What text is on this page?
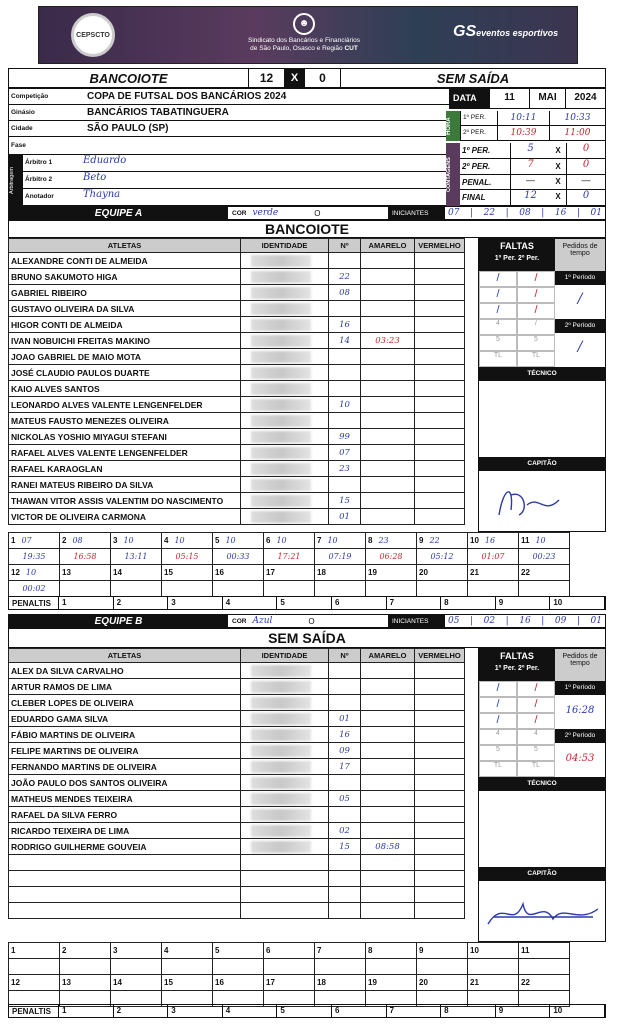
CEPSCTO
☻
Sindicato dos Bancários e Financiários
de São Paulo, Osasco e Região CUT
GSeventos esportivos
BANCOIOTE	12	X	0	SEM SAÍDA
Competição	COPA DE FUTSAL DOS BANCÁRIOS 2024
Ginásio	BANCÁRIOS TABATINGUERA
Cidade	SÃO PAULO (SP)
Fase
Arbitragem
Árbitro 1	Eduardo
Árbitro 2	Beto
Anotador	Thayna
DATA	11	MAI	2024
HORA	1º PER.	10:11	10:33
2º PER.	10:39	11:00
CONTAGENS
1º PER.	5	X	0
2º PER.	7	X	0
PENAL.	—	X	—
FINAL	12	X	0
EQUIPE A	COR verde	O	INICIANTES	07 | 22 | 08 | 16 | 01
BANCOIOTE
ATLETAS	IDENTIDADE	Nº	AMARELO	VERMELHO
ALEXANDRE CONTI DE ALMEIDA	

BRUNO SAKUMOTO HIGA		22		
GABRIEL RIBEIRO		08		
GUSTAVO OLIVEIRA DA SILVA	

HIGOR CONTI DE ALMEIDA		16		
IVAN NOBUICHI FREITAS MAKINO		14	03:23	
JOAO GABRIEL DE MAIO MOTA	

JOSÉ CLAUDIO PAULOS DUARTE	

KAIO ALVES SANTOS	

LEONARDO ALVES VALENTE LENGENFELDER		10		
MATEUS FAUSTO MENEZES OLIVEIRA	

NICKOLAS YOSHIO MIYAGUI STEFANI		99		
RAFAEL ALVES VALENTE LENGENFELDER		07		
RAFAEL KARAOGLAN		23		
RANEI MATEUS RIBEIRO DA SILVA	

THAWAN VITOR ASSIS VALENTIM DO NASCIMENTO		15		
VICTOR DE OLIVEIRA CARMONA		01		
FALTAS
1º Per. 2º Per.
Pedidos de tempo
/	/
/	/
/	/
4	/
5	5
TL	TL
1º Período
/
2º Período
/
TÉCNICO
CAPITÃO
1 07	2 08	3 10	4 10	5 10	6 10	7 10	8 23	9 22	10 16	11 10
19:35	16:58	13:11	05:15	00:33	17:21	07:19	06:28	05:12	01:07	00:23
12 10	13	14	15	16	17	18	19	20	21	22
00:02										
PENALTIS	1	2	3	4	5	6	7	8	9	10
EQUIPE B	COR Azul	O	INICIANTES	05 | 02 | 16 | 09 | 01
SEM SAÍDA
ATLETAS	IDENTIDADE	Nº	AMARELO	VERMELHO
ALEX DA SILVA CARVALHO	

ARTUR RAMOS DE LIMA	

CLEBER LOPES DE OLIVEIRA	

EDUARDO GAMA SILVA		01		
FÁBIO MARTINS DE OLIVEIRA		16		
FELIPE MARTINS DE OLIVEIRA		09		
FERNANDO MARTINS DE OLIVEIRA		17		
JOÃO PAULO DOS SANTOS OLIVEIRA	

MATHEUS MENDES TEIXEIRA		05		
RAFAEL DA SILVA FERRO	

RICARDO TEIXEIRA DE LIMA		02		
RODRIGO GUILHERME GOUVEIA		15	08:58	

FALTAS
1º Per. 2º Per.
Pedidos de tempo
/	/
/	/
/	/
4	4
5	5
TL	TL
1º Período
16:28
2º Período
04:53
TÉCNICO
CAPITÃO
1	2	3	4	5	6	7	8	9	10	11

12	13	14	15	16	17	18	19	20	21	22

PENALTIS	1	2	3	4	5	6	7	8	9	10
